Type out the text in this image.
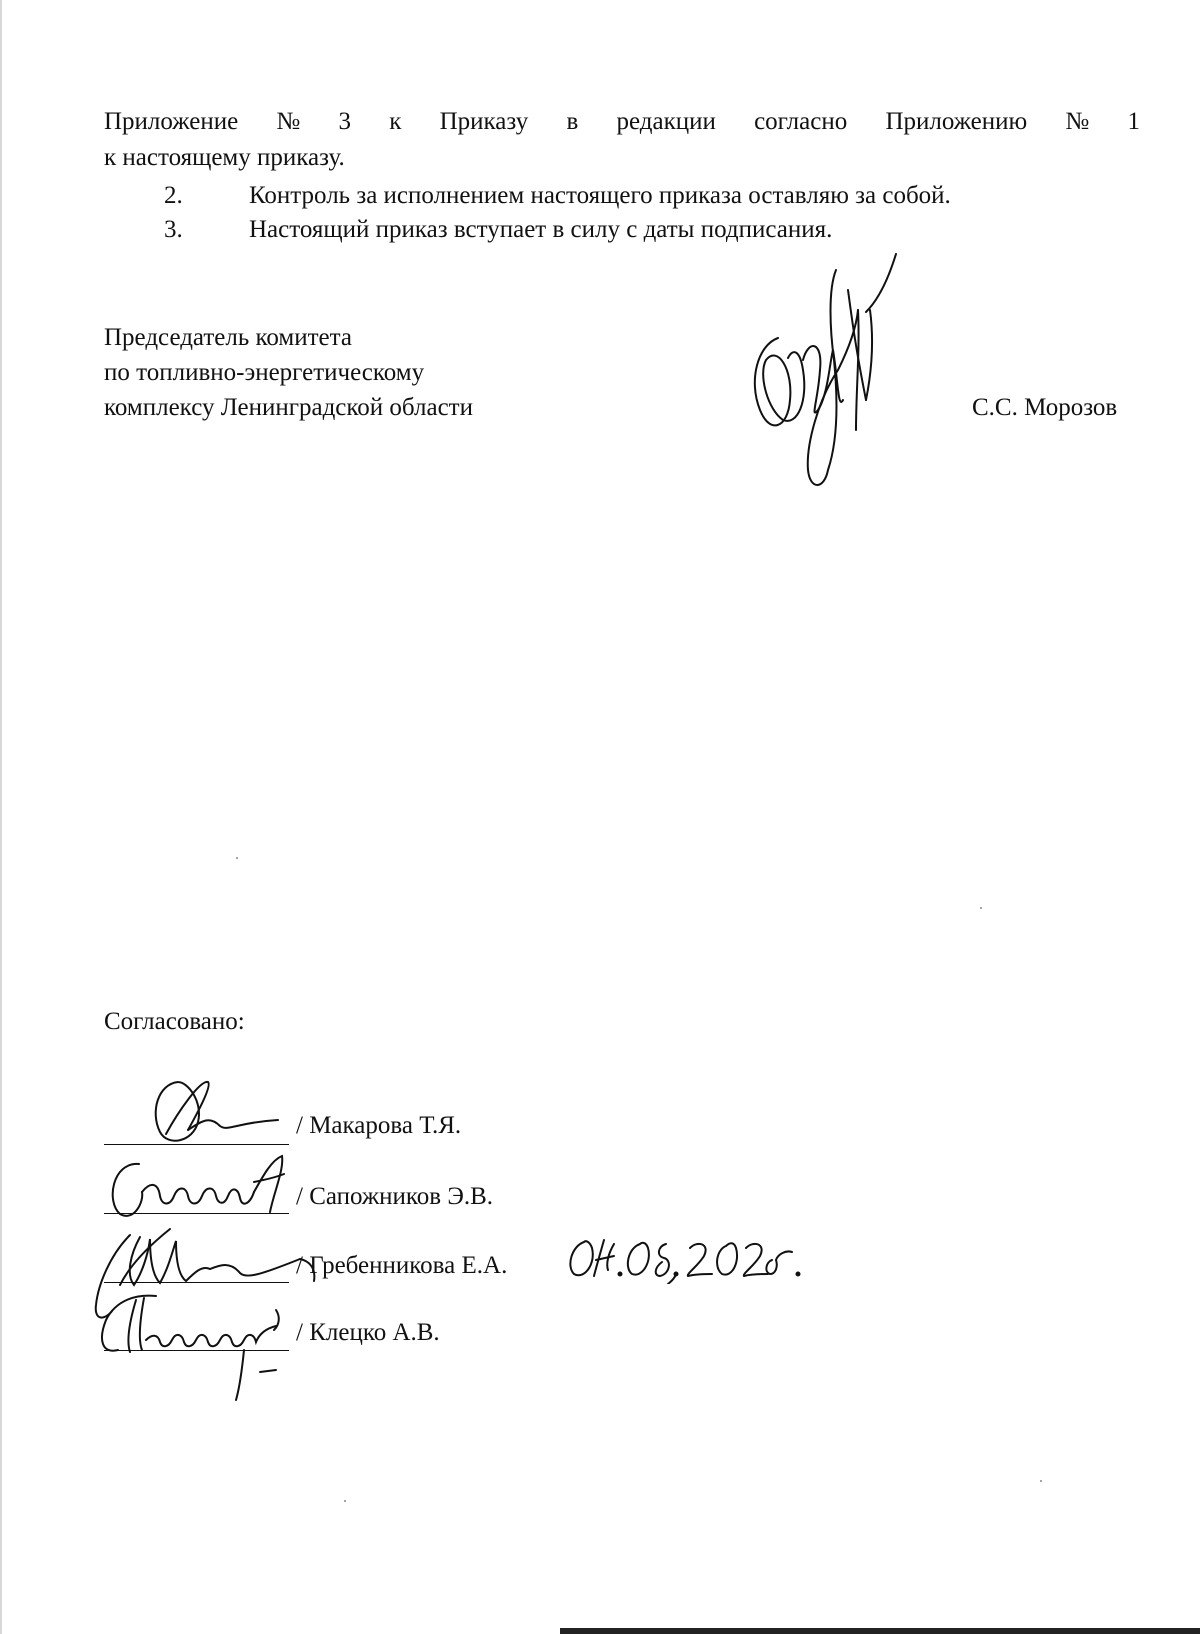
Приложение № 3 к Приказу в редакции согласно Приложению № 1
к настоящему приказу.
2.	Контроль за исполнением настоящего приказа оставляю за собой.
3.	Настоящий приказ вступает в силу с даты подписания.
Председатель комитета
по топливно-энергетическому
комплексу Ленинградской области	С.С. Морозов
Согласовано:
/ Макарова Т.Я.
/ Сапожников Э.В.
/ Гребенникова Е.А.
/ Клецко А.В.
